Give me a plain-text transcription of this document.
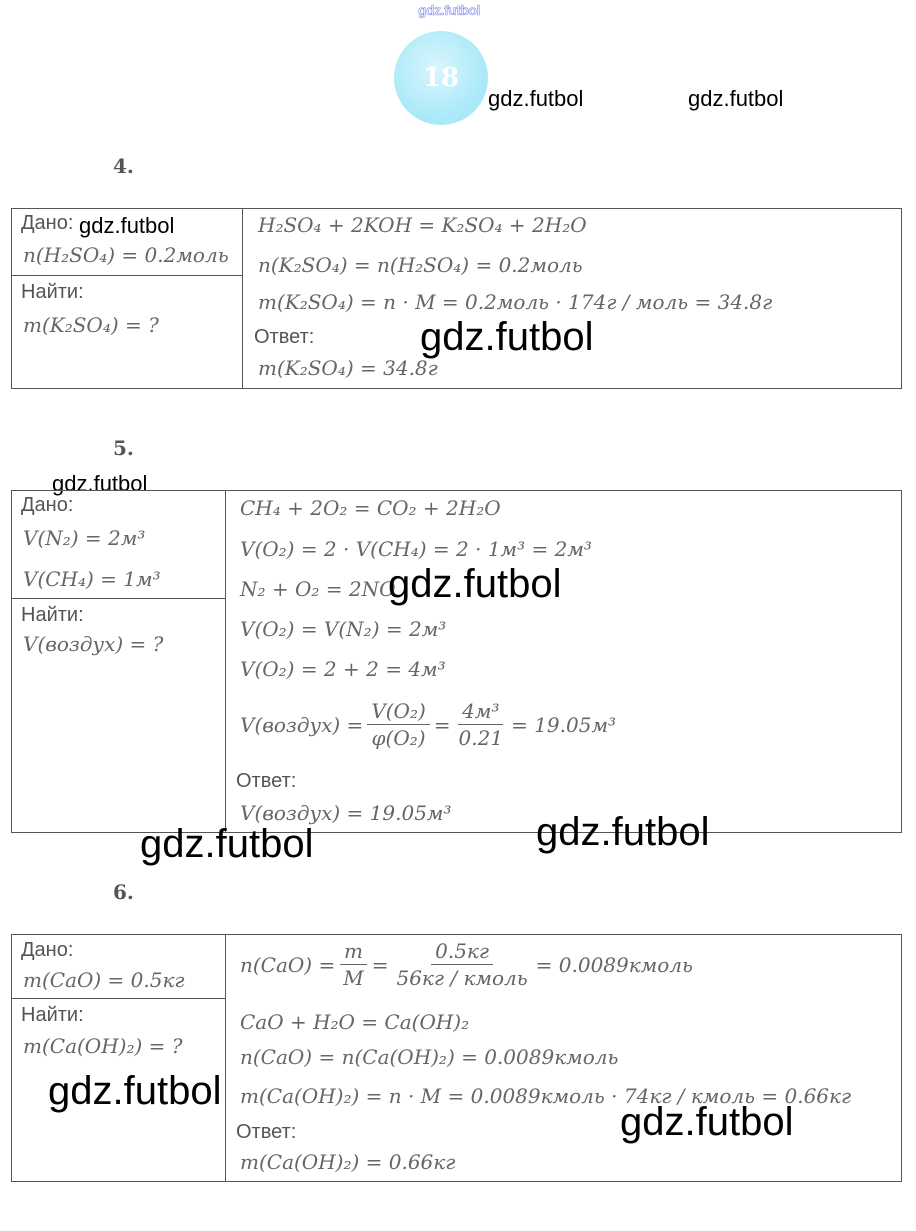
gdz.futbol
18
gdz.futbol	gdz.futbol
4.
Дано:
n(H₂SO₄) = 0.2моль
Найти:
m(K₂SO₄) = ?
H₂SO₄ + 2KOH = K₂SO₄ + 2H₂O
n(K₂SO₄) = n(H₂SO₄) = 0.2моль
m(K₂SO₄) = n · M = 0.2моль · 174г / моль = 34.8г
Ответ:
m(K₂SO₄) = 34.8г
gdz.futbol
gdz.futbol
5.
gdz.futbol
Дано:
V(N₂) = 2м³
V(CH₄) = 1м³
Найти:
V(воздух) = ?
CH₄ + 2O₂ = CO₂ + 2H₂O
V(O₂) = 2 · V(CH₄) = 2 · 1м³ = 2м³
N₂ + O₂ = 2NO
V(O₂) = V(N₂) = 2м³
V(O₂) = 2 + 2 = 4м³
V(воздух) = $\frac{\text{V(O₂)}}{\text{φ(O₂)}} = \frac{\text{4м³}}{0.21} = 19.05м^3$
Ответ:
V(воздух) = 19.05м³
gdz.futbol
gdz.futbol	gdz.futbol
6.
Дано:
m(CaO) = 0.5кг
Найти:
m(Ca(OH)₂) = ?
$n(CaO) = \frac{m}{M} = \frac{0.5кг}{\text{56кг / кмоль}}$ = 0.0089кмоль
CaO + H₂O = Ca(OH)₂
n(CaO) = n(Ca(OH)₂) = 0.0089кмоль
m(Ca(OH)₂) = n · M = 0.0089кмоль · 74кг / кмоль = 0.66кг
Ответ:
m(Ca(OH)₂) = 0.66кг
gdz.futbol
gdz.futbol
